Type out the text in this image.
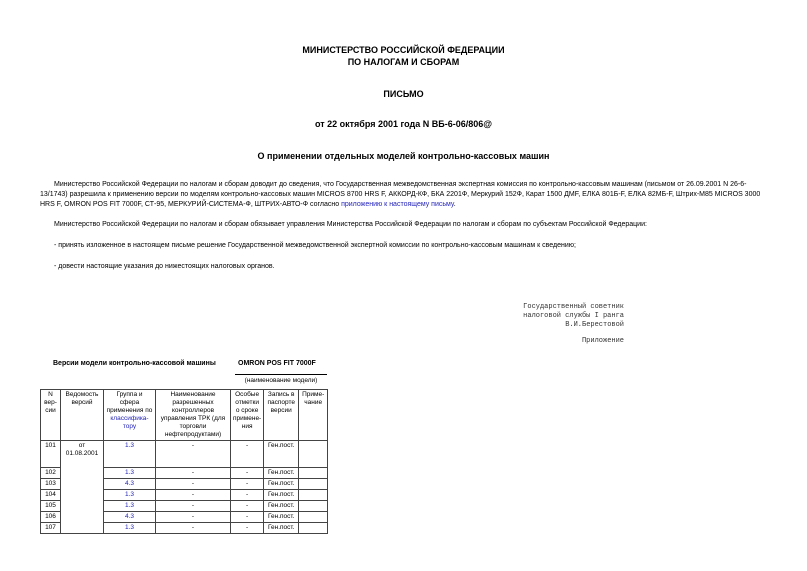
МИНИСТЕРСТВО РОССИЙСКОЙ ФЕДЕРАЦИИ
ПО НАЛОГАМ И СБОРАМ
ПИСЬМО
от 22 октября 2001 года N ВБ-6-06/806@
О применении отдельных моделей контрольно-кассовых машин
Министерство Российской Федерации по налогам и сборам доводит до сведения, что Государственная межведомственная экспертная комиссия по контрольно-кассовым машинам (письмом от 26.09.2001 N 26-6-13/1743) разрешила к применению версии по моделям контрольно-кассовых машин MICROS 8700 HRS F, АККОРД-КФ, БКА 2201Ф, Меркурий 152Ф, Карат 1500 ДМF, ЕЛКА 801Б-F, ЕЛКА 82МБ-F, Штрих-М85 MICROS 3000 HRS F, OMRON POS FIT 7000F, СТ-95, МЕРКУРИЙ-СИСТЕМА-Ф, ШТРИХ-АВТО-Ф согласно приложению к настоящему письму.
Министерство Российской Федерации по налогам и сборам обязывает управления Министерства Российской Федерации по налогам и сборам по субъектам Российской Федерации:
- принять изложенное в настоящем письме решение Государственной межведомственной экспертной комиссии по контрольно-кассовым машинам к сведению;
- довести настоящие указания до нижестоящих налоговых органов.
Государственный советник
налоговой службы I ранга
В.И.Берестовой
Приложение
Версии модели контрольно-кассовой машины	OMRON POS FIT 7000F
(наименование модели)
N вер-сии	Ведомость версий	Группа и сфера применения по классифика-тору	Наименование разрешенных контроллеров управления ТРК (для торговли нефтепродуктами)	Особые отметки о сроке примене-ния	Запись в паспорте версии	Приме-чание
101	от 01.08.2001	1.3	-	-	Ген.пост.	
102		1.3	-	-	Ген.пост.	
103		4.3	-	-	Ген.пост.	
104		1.3	-	-	Ген.пост.	
105		1.3	-	-	Ген.пост.	
106		4.3	-	-	Ген.пост.	
107		1.3	-	-	Ген.пост.	
